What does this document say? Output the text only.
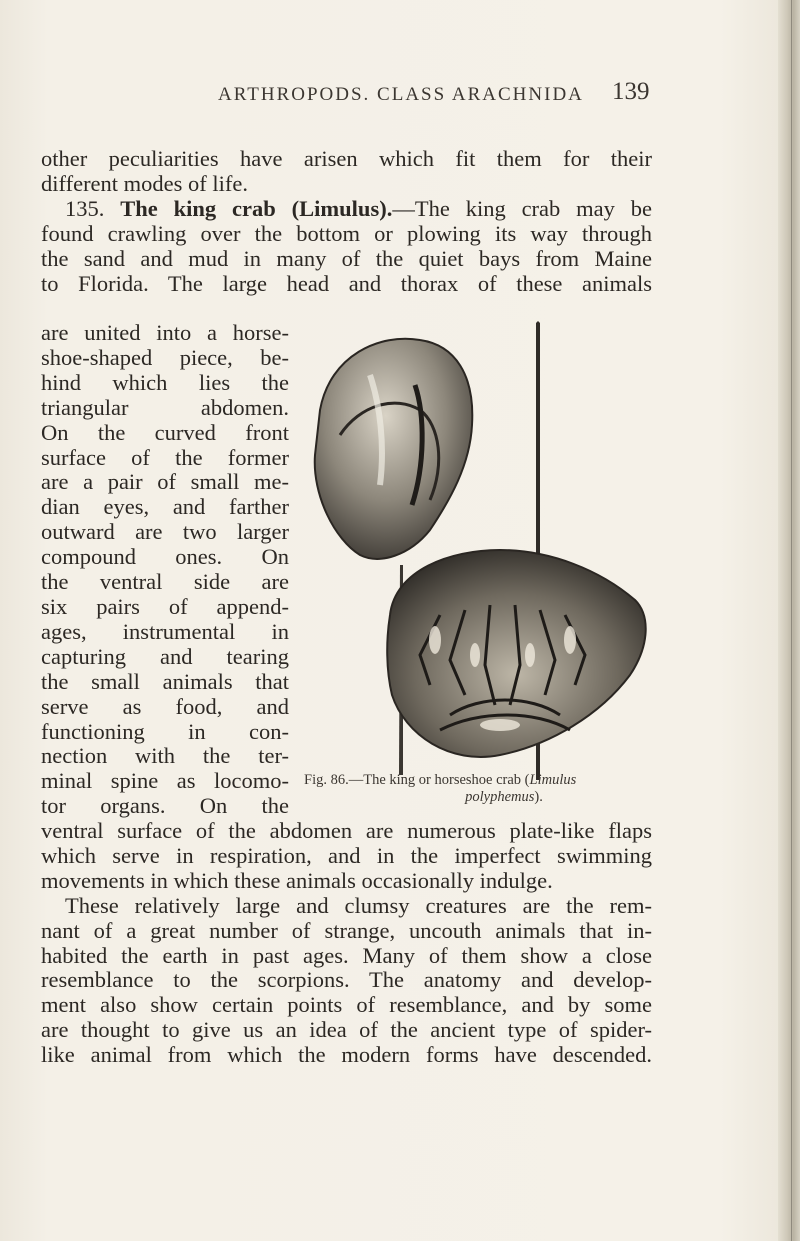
ARTHROPODS. CLASS ARACHNIDA	139
other peculiarities have arisen which fit them for their
different modes of life.
135. The king crab (Limulus).—The king crab may be
found crawling over the bottom or plowing its way through
the sand and mud in many of the quiet bays from Maine
to Florida. The large head and thorax of these animals
are united into a horse-
shoe-shaped piece, be-
hind which lies the
triangular abdomen.
On the curved front
surface of the former
are a pair of small me-
dian eyes, and farther
outward are two larger
compound ones. On
the ventral side are
six pairs of append-
ages, instrumental in
capturing and tearing
the small animals that
serve as food, and
functioning in con-
nection with the ter-
minal spine as locomo-
tor organs. On the
Fig. 86.—The king or horseshoe crab (Limulus
polyphemus).
ventral surface of the abdomen are numerous plate-like flaps
which serve in respiration, and in the imperfect swimming
movements in which these animals occasionally indulge.
These relatively large and clumsy creatures are the rem-
nant of a great number of strange, uncouth animals that in-
habited the earth in past ages. Many of them show a close
resemblance to the scorpions. The anatomy and develop-
ment also show certain points of resemblance, and by some
are thought to give us an idea of the ancient type of spider-
like animal from which the modern forms have descended.
